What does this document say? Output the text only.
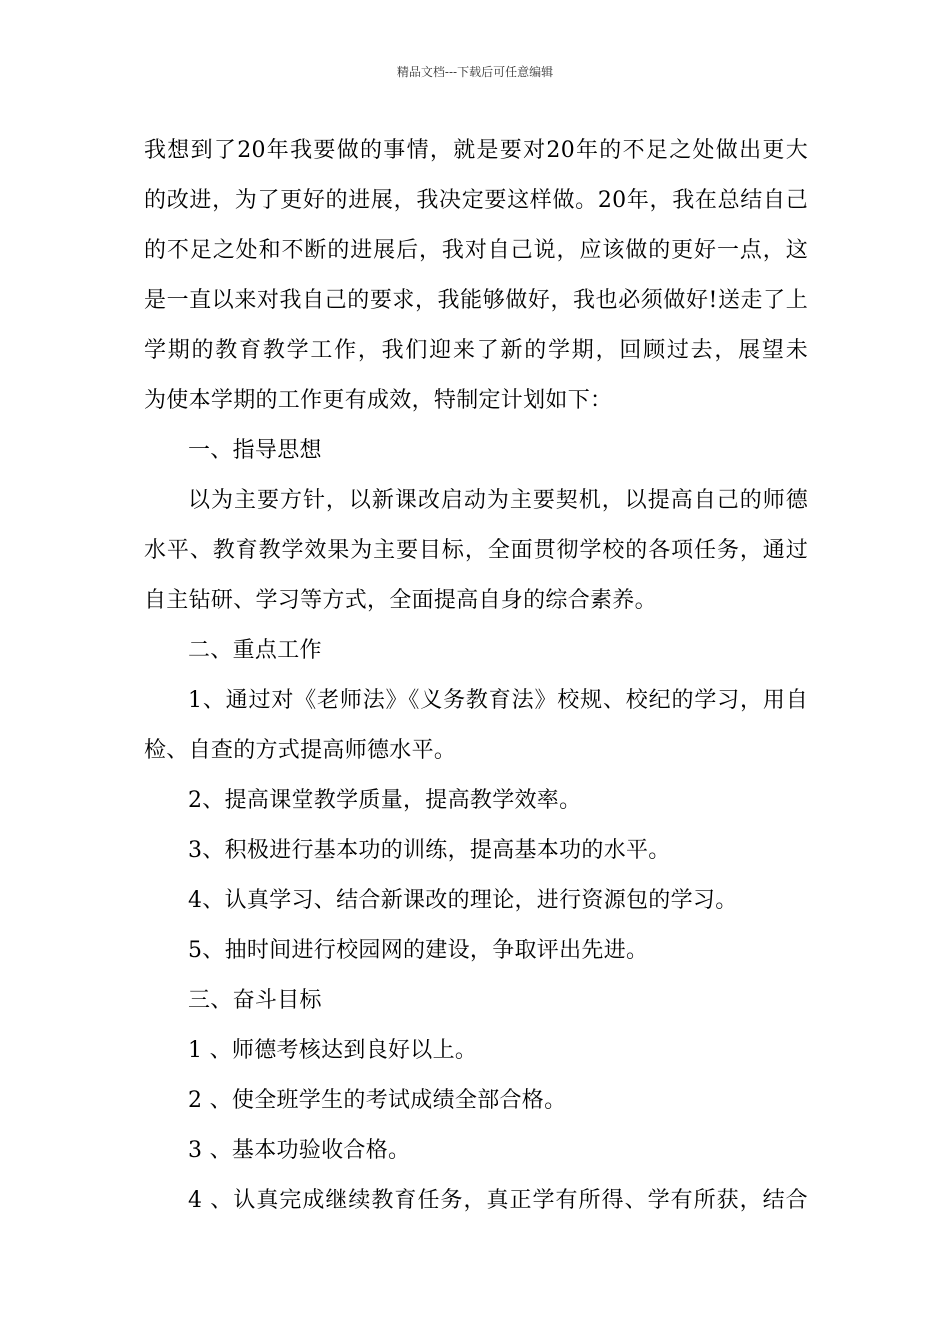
精品文档---下载后可任意编辑
我想到了20年我要做的事情，就是要对20年的不足之处做出更大
的改进，为了更好的进展，我决定要这样做。20年，我在总结自己
的不足之处和不断的进展后，我对自己说，应该做的更好一点，这
是一直以来对我自己的要求，我能够做好，我也必须做好!送走了上
学期的教育教学工作，我们迎来了新的学期，回顾过去，展望未
为使本学期的工作更有成效，特制定计划如下：
一、指导思想
以为主要方针，以新课改启动为主要契机，以提高自己的师德
水平、教育教学效果为主要目标，全面贯彻学校的各项任务，通过
自主钻研、学习等方式，全面提高自身的综合素养。
二、重点工作
1、通过对《老师法》《义务教育法》校规、校纪的学习，用自
检、自查的方式提高师德水平。
2、提高课堂教学质量，提高教学效率。
3、积极进行基本功的训练，提高基本功的水平。
4、认真学习、结合新课改的理论，进行资源包的学习。
5、抽时间进行校园网的建设，争取评出先进。
三、奋斗目标
1 、师德考核达到良好以上。
2 、使全班学生的考试成绩全部合格。
3 、基本功验收合格。
4 、认真完成继续教育任务，真正学有所得、学有所获，结合
